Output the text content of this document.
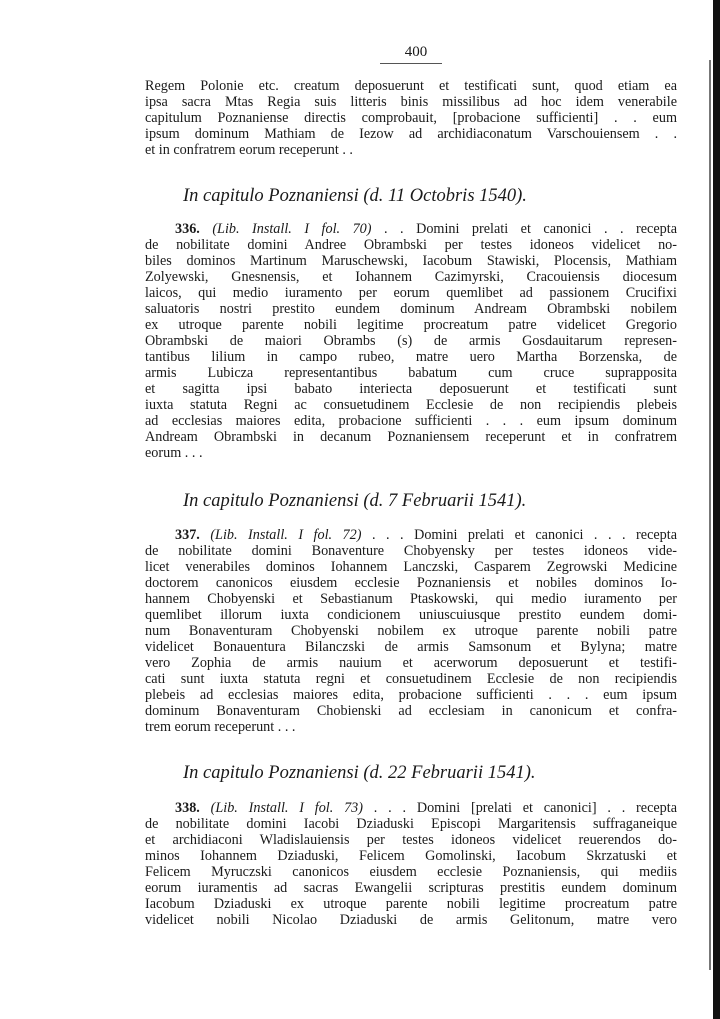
400
Regem Polonie etc. creatum deposuerunt et testificati sunt, quod etiam ea
ipsa sacra Mtas Regia suis litteris binis missilibus ad hoc idem venerabile
capitulum Poznaniense directis comprobauit, [probacione sufficienti] . . eum
ipsum dominum Mathiam de Iezow ad archidiaconatum Varschouiensem . .
et in confratrem eorum receperunt . .
In capitulo Poznaniensi (d. 11 Octobris 1540).
336. (Lib. Install. I fol. 70) . . Domini prelati et canonici . . recepta
de nobilitate domini Andree Obrambski per testes idoneos videlicet no-
biles dominos Martinum Maruschewski, Iacobum Stawiski, Plocensis, Mathiam
Zolyewski, Gnesnensis, et Iohannem Cazimyrski, Cracouiensis diocesum
laicos, qui medio iuramento per eorum quemlibet ad passionem Crucifixi
saluatoris nostri prestito eundem dominum Andream Obrambski nobilem
ex utroque parente nobili legitime procreatum patre videlicet Gregorio
Obrambski de maiori Obrambs (s) de armis Gosdauitarum represen-
tantibus lilium in campo rubeo, matre uero Martha Borzenska, de
armis Lubicza representantibus babatum cum cruce suprapposita
et sagitta ipsi babato interiecta deposuerunt et testificati sunt
iuxta statuta Regni ac consuetudinem Ecclesie de non recipiendis plebeis
ad ecclesias maiores edita, probacione sufficienti . . . eum ipsum dominum
Andream Obrambski in decanum Poznaniensem receperunt et in confratrem
eorum . . .
In capitulo Poznaniensi (d. 7 Februarii 1541).
337. (Lib. Install. I fol. 72) . . . Domini prelati et canonici . . . recepta
de nobilitate domini Bonaventure Chobyensky per testes idoneos vide-
licet venerabiles dominos Iohannem Lanczski, Casparem Zegrowski Medicine
doctorem canonicos eiusdem ecclesie Poznaniensis et nobiles dominos Io-
hannem Chobyenski et Sebastianum Ptaskowski, qui medio iuramento per
quemlibet illorum iuxta condicionem uniuscuiusque prestito eundem domi-
num Bonaventuram Chobyenski nobilem ex utroque parente nobili patre
videlicet Bonauentura Bilanczski de armis Samsonum et Bylyna; matre
vero Zophia de armis nauium et acerworum deposuerunt et testifi-
cati sunt iuxta statuta regni et consuetudinem Ecclesie de non recipiendis
plebeis ad ecclesias maiores edita, probacione sufficienti . . . eum ipsum
dominum Bonaventuram Chobienski ad ecclesiam in canonicum et confra-
trem eorum receperunt . . .
In capitulo Poznaniensi (d. 22 Februarii 1541).
338. (Lib. Install. I fol. 73) . . . Domini [prelati et canonici] . . recepta
de nobilitate domini Iacobi Dziaduski Episcopi Margaritensis suffraganeique
et archidiaconi Wladislauiensis per testes idoneos videlicet reuerendos do-
minos Iohannem Dziaduski, Felicem Gomolinski, Iacobum Skrzatuski et
Felicem Myruczski canonicos eiusdem ecclesie Poznaniensis, qui mediis
eorum iuramentis ad sacras Ewangelii scripturas prestitis eundem dominum
Iacobum Dziaduski ex utroque parente nobili legitime procreatum patre
videlicet nobili Nicolao Dziaduski de armis Gelitonum, matre vero
